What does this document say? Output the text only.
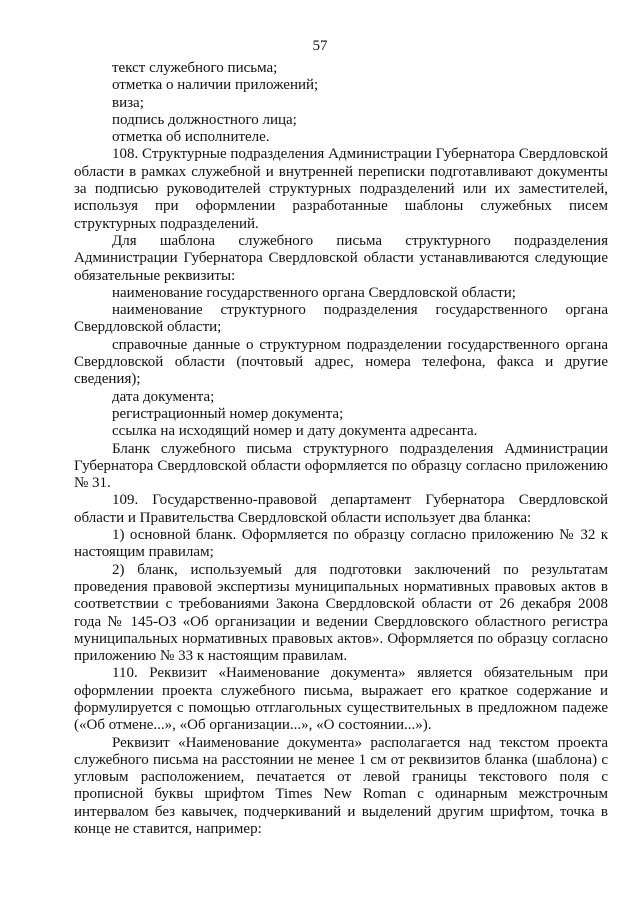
57

текст служебного письма;

отметка о наличии приложений;

виза;

подпись должностного лица;

отметка об исполнителе.

108. Структурные подразделения Администрации Губернатора Свердловской области в рамках служебной и внутренней переписки подготавливают документы за подписью руководителей структурных подразделений или их заместителей, используя при оформлении разработанные шаблоны служебных писем структурных подразделений.

Для шаблона служебного письма структурного подразделения Администрации Губернатора Свердловской области устанавливаются следующие обязательные реквизиты:

наименование государственного органа Свердловской области;

наименование структурного подразделения государственного органа Свердловской области;

справочные данные о структурном подразделении государственного органа Свердловской области (почтовый адрес, номера телефона, факса и другие сведения);

дата документа;

регистрационный номер документа;

ссылка на исходящий номер и дату документа адресанта.

Бланк служебного письма структурного подразделения Администрации Губернатора Свердловской области оформляется по образцу согласно приложению № 31.

109. Государственно-правовой департамент Губернатора Свердловской области и Правительства Свердловской области использует два бланка:

1) основной бланк. Оформляется по образцу согласно приложению № 32 к настоящим правилам;

2) бланк, используемый для подготовки заключений по результатам проведения правовой экспертизы муниципальных нормативных правовых актов в соответствии с требованиями Закона Свердловской области от 26 декабря 2008 года № 145-ОЗ «Об организации и ведении Свердловского областного регистра муниципальных нормативных правовых актов». Оформляется по образцу согласно приложению № 33 к настоящим правилам.

110. Реквизит «Наименование документа» является обязательным при оформлении проекта служебного письма, выражает его краткое содержание и формулируется с помощью отглагольных существительных в предложном падеже («Об отмене...», «Об организации...», «О состоянии...»).

Реквизит «Наименование документа» располагается над текстом проекта служебного письма на расстоянии не менее 1 см от реквизитов бланка (шаблона) с угловым расположением, печатается от левой границы текстового поля с прописной буквы шрифтом Times New Roman с одинарным межстрочным интервалом без кавычек, подчеркиваний и выделений другим шрифтом, точка в конце не ставится, например:
